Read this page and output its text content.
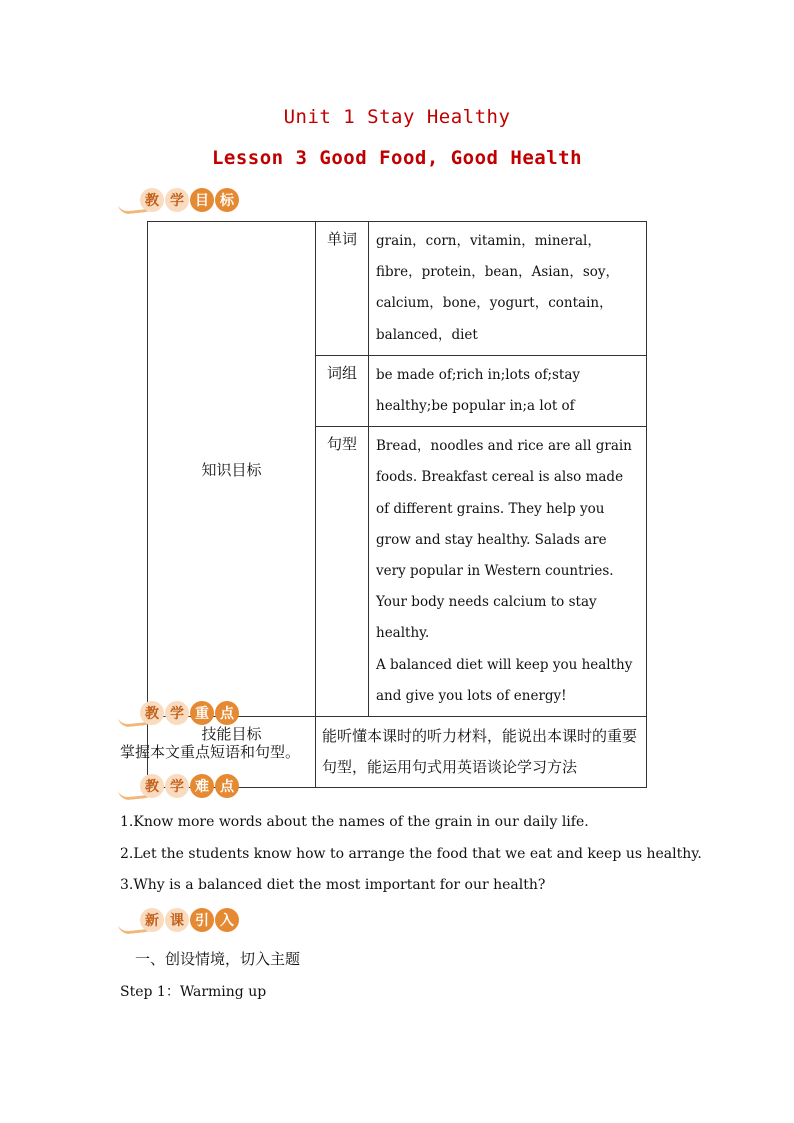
Unit 1 Stay Healthy
Lesson 3 Good Food, Good Health
教 学 目 标
知识目标	单词	grain，corn，vitamin，mineral，fibre，protein，bean，Asian，soy，calcium，bone，yogurt，contain，balanced，diet
	词组	be made of;rich in;lots of;stay healthy;be popular in;a lot of
	句型	Bread，noodles and rice are all grain foods. Breakfast cereal is also made of different grains. They help you grow and stay healthy. Salads are very popular in Western countries. Your body needs calcium to stay healthy.
A balanced diet will keep you healthy and give you lots of energy!

技能目标	能听懂本课时的听力材料，能说出本课时的重要句型，能运用句式用英语谈论学习方法	
教 学 重 点
掌握本文重点短语和句型。
教 学 难 点
1.Know more words about the names of the grain in our daily life.
2.Let the students know how to arrange the food that we eat and keep us healthy.
3.Why is a balanced diet the most important for our health?
新 课 引 入
一、创设情境，切入主题
Step 1：Warming up
